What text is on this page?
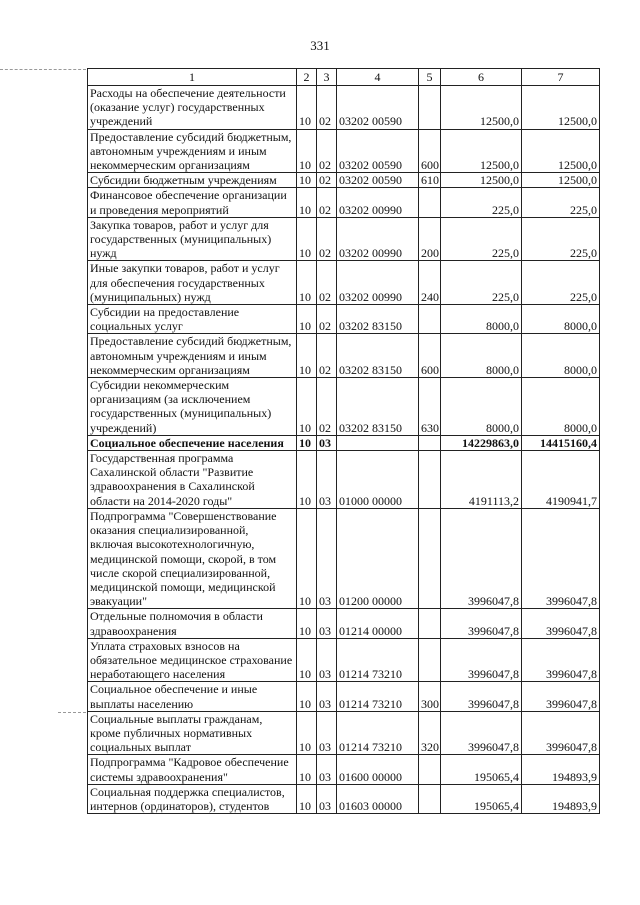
331
1	2	3	4	5	6	7
Расходы на обеспечение деятельности (оказание услуг) государственных учреждений	10	02	03202 00590		12500,0	12500,0
Предоставление субсидий бюджетным, автономным учреждениям и иным некоммерческим организациям	10	02	03202 00590	600	12500,0	12500,0
Субсидии бюджетным учреждениям	10	02	03202 00590	610	12500,0	12500,0
Финансовое обеспечение организации и проведения мероприятий	10	02	03202 00990		225,0	225,0
Закупка товаров, работ и услуг для государственных (муниципальных) нужд	10	02	03202 00990	200	225,0	225,0
Иные закупки товаров, работ и услуг для обеспечения государственных (муниципальных) нужд	10	02	03202 00990	240	225,0	225,0
Субсидии на предоставление социальных услуг	10	02	03202 83150		8000,0	8000,0
Предоставление субсидий бюджетным, автономным учреждениям и иным некоммерческим организациям	10	02	03202 83150	600	8000,0	8000,0
Субсидии некоммерческим организациям (за исключением государственных (муниципальных) учреждений)	10	02	03202 83150	630	8000,0	8000,0
Социальное обеспечение населения	10	03			14229863,0	14415160,4
Государственная программа Сахалинской области "Развитие здравоохранения в Сахалинской области на 2014-2020 годы"	10	03	01000 00000		4191113,2	4190941,7
Подпрограмма "Совершенствование оказания специализированной, включая высокотехнологичную, медицинской помощи, скорой, в том числе скорой специализированной, медицинской помощи, медицинской эвакуации"	10	03	01200 00000		3996047,8	3996047,8
Отдельные полномочия в области здравоохранения	10	03	01214 00000		3996047,8	3996047,8
Уплата страховых взносов на обязательное медицинское страхование неработающего населения	10	03	01214 73210		3996047,8	3996047,8
Социальное обеспечение и иные выплаты населению	10	03	01214 73210	300	3996047,8	3996047,8
Социальные выплаты гражданам, кроме публичных нормативных социальных выплат	10	03	01214 73210	320	3996047,8	3996047,8
Подпрограмма "Кадровое обеспечение системы здравоохранения"	10	03	01600 00000		195065,4	194893,9
Социальная поддержка специалистов, интернов (ординаторов), студентов	10	03	01603 00000		195065,4	194893,9
